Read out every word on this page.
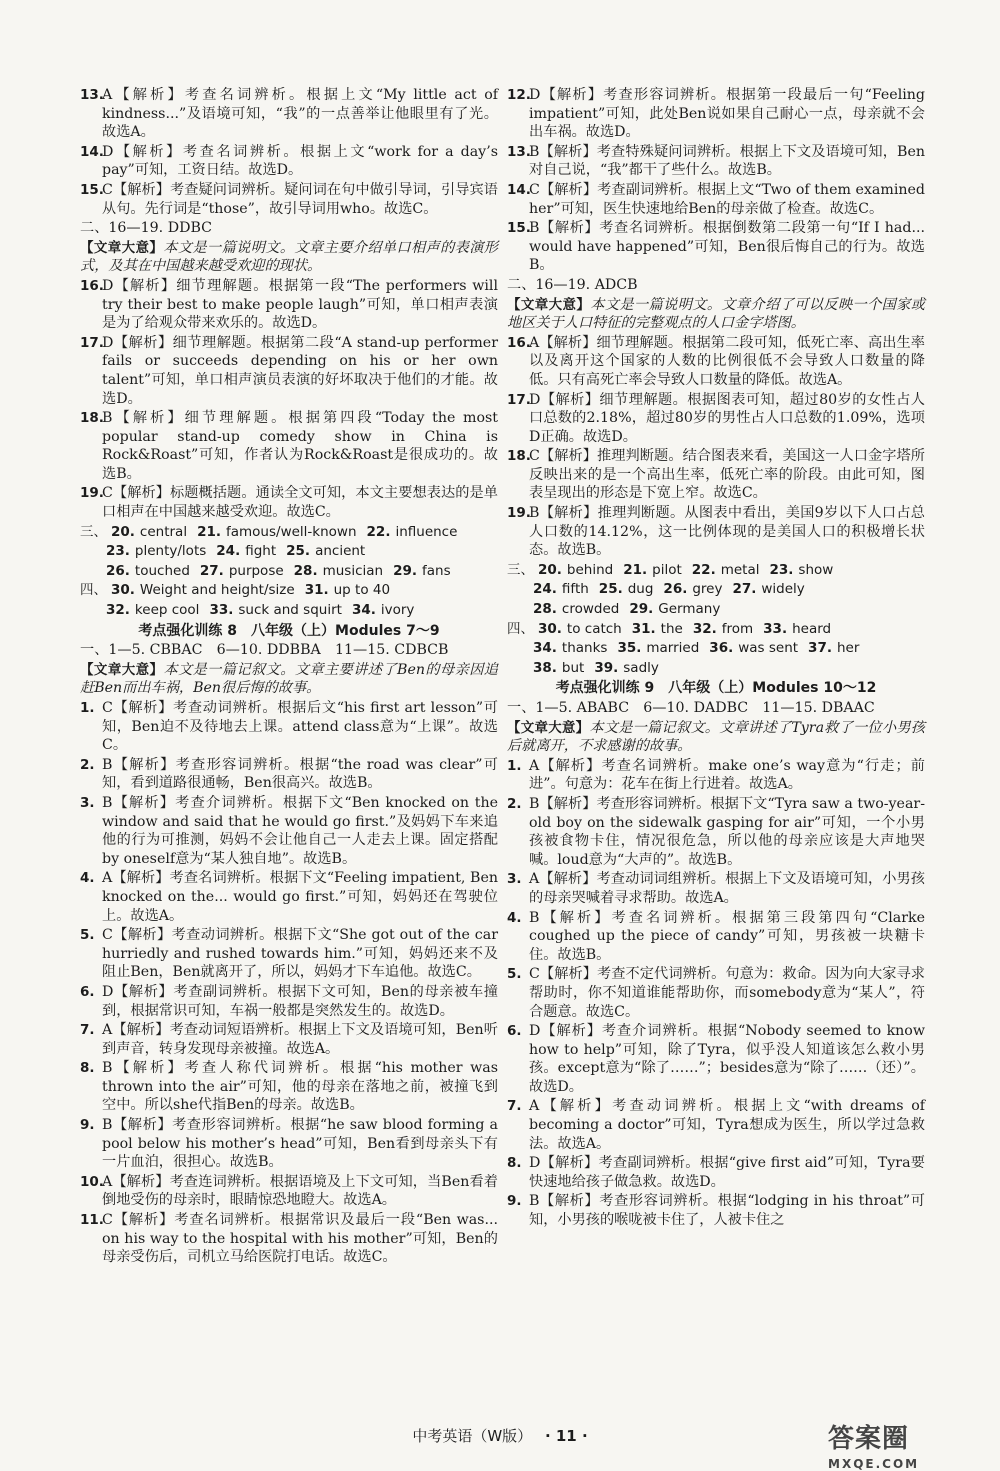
13.
A【解析】考查名词辨析。根据上文“My little act of kindness...”及语境可知，“我”的一点善举让他眼里有了光。故选A。
14.
D【解析】考查名词辨析。根据上文“work for a day’s pay”可知，工资日结。故选D。
15.
C【解析】考查疑问词辨析。疑问词在句中做引导词，引导宾语从句。先行词是“those”，故引导词用who。故选C。
二、16—19. DDBC
【文章大意】本文是一篇说明文。文章主要介绍单口相声的表演形式，及其在中国越来越受欢迎的现状。
16.
D【解析】细节理解题。根据第一段“The performers will try their best to make people laugh”可知，单口相声表演是为了给观众带来欢乐的。故选D。
17.
D【解析】细节理解题。根据第二段“A stand-up performer fails or succeeds depending on his or her own talent”可知，单口相声演员表演的好坏取决于他们的才能。故选D。
18.
B【解析】细节理解题。根据第四段“Today the most popular stand-up comedy show in China is Rock&Roast”可知，作者认为Rock&Roast是很成功的。故选B。
19.
C【解析】标题概括题。通读全文可知，本文主要想表达的是单口相声在中国越来越受欢迎。故选C。
三、 20. central 21. famous/well-known 22. influence
23. plenty/lots 24. fight 25. ancient
26. touched 27. purpose 28. musician 29. fans
四、 30. Weight and height/size 31. up to 40
32. keep cool 33. suck and squirt 34. ivory
考点强化训练 8　八年级（上）Modules 7～9
一、1—5. CBBAC　6—10. DDBBA　11—15. CDBCB
【文章大意】本文是一篇记叙文。文章主要讲述了Ben的母亲因追赶Ben而出车祸，Ben很后悔的故事。
1. C【解析】考查动词辨析。根据后文“his first art lesson”可知，Ben迫不及待地去上课。attend class意为“上课”。故选C。
2. B【解析】考查形容词辨析。根据“the road was clear”可知，看到道路很通畅，Ben很高兴。故选B。
3. B【解析】考查介词辨析。根据下文“Ben knocked on the window and said that he would go first.”及妈妈下车来追他的行为可推测，妈妈不会让他自己一人走去上课。固定搭配by oneself意为“某人独自地”。故选B。
4. A【解析】考查名词辨析。根据下文“Feeling impatient, Ben knocked on the... would go first.”可知，妈妈还在驾驶位上。故选A。
5. C【解析】考查动词辨析。根据下文“She got out of the car hurriedly and rushed towards him.”可知，妈妈还来不及阻止Ben，Ben就离开了，所以，妈妈才下车追他。故选C。
6. D【解析】考查副词辨析。根据下文可知，Ben的母亲被车撞到，根据常识可知，车祸一般都是突然发生的。故选D。
7. A【解析】考查动词短语辨析。根据上下文及语境可知，Ben听到声音，转身发现母亲被撞。故选A。
8. B【解析】考查人称代词辨析。根据“his mother was thrown into the air”可知，他的母亲在落地之前，被撞飞到空中。所以she代指Ben的母亲。故选B。
9. B【解析】考查形容词辨析。根据“he saw blood forming a pool below his mother’s head”可知，Ben看到母亲头下有一片血泊，很担心。故选B。
10.
A【解析】考查连词辨析。根据语境及上下文可知，当Ben看着倒地受伤的母亲时，眼睛惊恐地瞪大。故选A。
11.
C【解析】考查名词辨析。根据常识及最后一段“Ben was... on his way to the hospital with his mother”可知，Ben的母亲受伤后，司机立马给医院打电话。故选C。
12.
D【解析】考查形容词辨析。根据第一段最后一句“Feeling impatient”可知，此处Ben说如果自己耐心一点，母亲就不会出车祸。故选D。
13.
B【解析】考查特殊疑问词辨析。根据上下文及语境可知，Ben对自己说，“我”都干了些什么。故选B。
14.
C【解析】考查副词辨析。根据上文“Two of them examined her”可知，医生快速地给Ben的母亲做了检查。故选C。
15.
B【解析】考查名词辨析。根据倒数第二段第一句“If I had... would have happened”可知，Ben很后悔自己的行为。故选B。
二、16—19. ADCB
【文章大意】本文是一篇说明文。文章介绍了可以反映一个国家或地区关于人口特征的完整观点的人口金字塔图。
16.
A【解析】细节理解题。根据第二段可知，低死亡率、高出生率以及离开这个国家的人数的比例很低不会导致人口数量的降低。只有高死亡率会导致人口数量的降低。故选A。
17.
D【解析】细节理解题。根据图表可知，超过80岁的女性占人口总数的2.18%，超过80岁的男性占人口总数的1.09%，选项D正确。故选D。
18.
C【解析】推理判断题。结合图表来看，美国这一人口金字塔所反映出来的是一个高出生率，低死亡率的阶段。由此可知，图表呈现出的形态是下宽上窄。故选C。
19.
B【解析】推理判断题。从图表中看出，美国9岁以下人口占总人口数的14.12%，这一比例体现的是美国人口的积极增长状态。故选B。
三、 20. behind 21. pilot 22. metal 23. show
24. fifth 25. dug 26. grey 27. widely
28. crowded 29. Germany
四、 30. to catch 31. the 32. from 33. heard
34. thanks 35. married 36. was sent 37. her
38. but 39. sadly
考点强化训练 9　八年级（上）Modules 10～12
一、1—5. ABABC　6—10. DADBC　11—15. DBAAC
【文章大意】本文是一篇记叙文。文章讲述了Tyra救了一位小男孩后就离开，不求感谢的故事。
1. A【解析】考查名词辨析。make one’s way意为“行走；前进”。句意为：花车在街上行进着。故选A。
2. B【解析】考查形容词辨析。根据下文“Tyra saw a two-year-old boy on the sidewalk gasping for air”可知，一个小男孩被食物卡住，情况很危急，所以他的母亲应该是大声地哭喊。loud意为“大声的”。故选B。
3. A【解析】考查动词词组辨析。根据上下文及语境可知，小男孩的母亲哭喊着寻求帮助。故选A。
4. B【解析】考查名词辨析。根据第三段第四句“Clarke coughed up the piece of candy”可知，男孩被一块糖卡住。故选B。
5. C【解析】考查不定代词辨析。句意为：救命。因为向大家寻求帮助时，你不知道谁能帮助你，而somebody意为“某人”，符合题意。故选C。
6. D【解析】考查介词辨析。根据“Nobody seemed to know how to help”可知，除了Tyra，似乎没人知道该怎么救小男孩。except意为“除了……”；besides意为“除了……（还）”。故选D。
7. A【解析】考查动词辨析。根据上文“with dreams of becoming a doctor”可知，Tyra想成为医生，所以学过急救法。故选A。
8. D【解析】考查副词辨析。根据“give first aid”可知，Tyra要快速地给孩子做急救。故选D。
9. B【解析】考查形容词辨析。根据“lodging in his throat”可知，小男孩的喉咙被卡住了，人被卡住之
中考英语（W版） · 11 ·	答案圈
MXQE.COM
